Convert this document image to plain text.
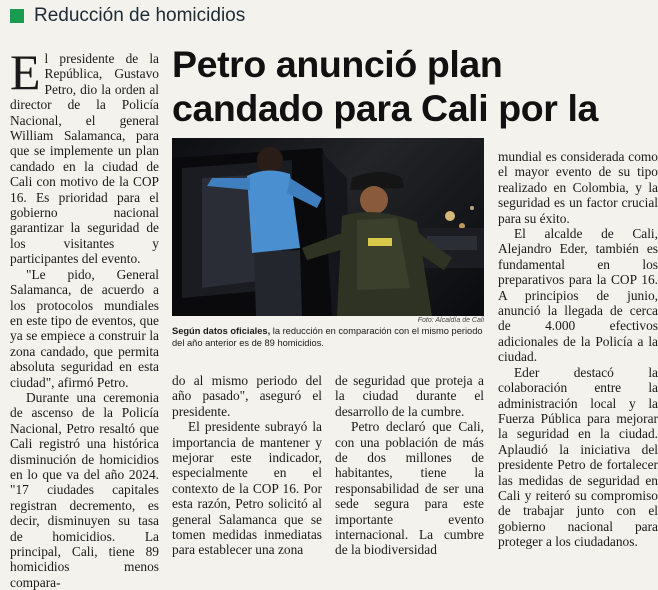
Reducción de homicidios
E l presidente de la República, Gustavo Petro, dio la orden al director de la Policía Nacional, el general William Salamanca, para que se implemente un plan candado en la ciudad de Cali con motivo de la COP 16. Es prioridad para el gobierno nacional garantizar la seguridad de los visitantes y participantes del evento.

"Le pido, General Salamanca, de acuerdo a los protocolos mundiales en este tipo de eventos, que ya se empiece a construir la zona candado, que permita absoluta seguridad en esta ciudad", afirmó Petro.

Durante una ceremonia de ascenso de la Policía Nacional, Petro resaltó que Cali registró una histórica disminución de homicidios en lo que va del año 2024. "17 ciudades capitales registran decremento, es decir, disminuyen su tasa de homicidios. La principal, Cali, tiene 89 homicidios menos compara-

Petro anunció plan candado para Cali por la
Foto: Alcaldía de Cali
Según datos oficiales, la reducción en comparación con el mismo periodo del año anterior es de 89 homicidios.

do al mismo periodo del año pasado", aseguró el presidente.

El presidente subrayó la importancia de mantener y mejorar este indicador, especialmente en el contexto de la COP 16. Por esta razón, Petro solicitó al general Salamanca que se tomen medidas inmediatas para establecer una zona

de seguridad que proteja a la ciudad durante el desarrollo de la cumbre.

Petro declaró que Cali, con una población de más de dos millones de habitantes, tiene la responsabilidad de ser una sede segura para este importante evento internacional. La cumbre de la biodiversidad

mundial es considerada como el mayor evento de su tipo realizado en Colombia, y la seguridad es un factor crucial para su éxito.

El alcalde de Cali, Alejandro Eder, también es fundamental en los preparativos para la COP 16. A principios de junio, anunció la llegada de cerca de 4.000 efectivos adicionales de la Policía a la ciudad.

Eder destacó la colaboración entre la administración local y la Fuerza Pública para mejorar la seguridad en la ciudad. Aplaudió la iniciativa del presidente Petro de fortalecer las medidas de seguridad en Cali y reiteró su compromiso de trabajar junto con el gobierno nacional para proteger a los ciudadanos.
